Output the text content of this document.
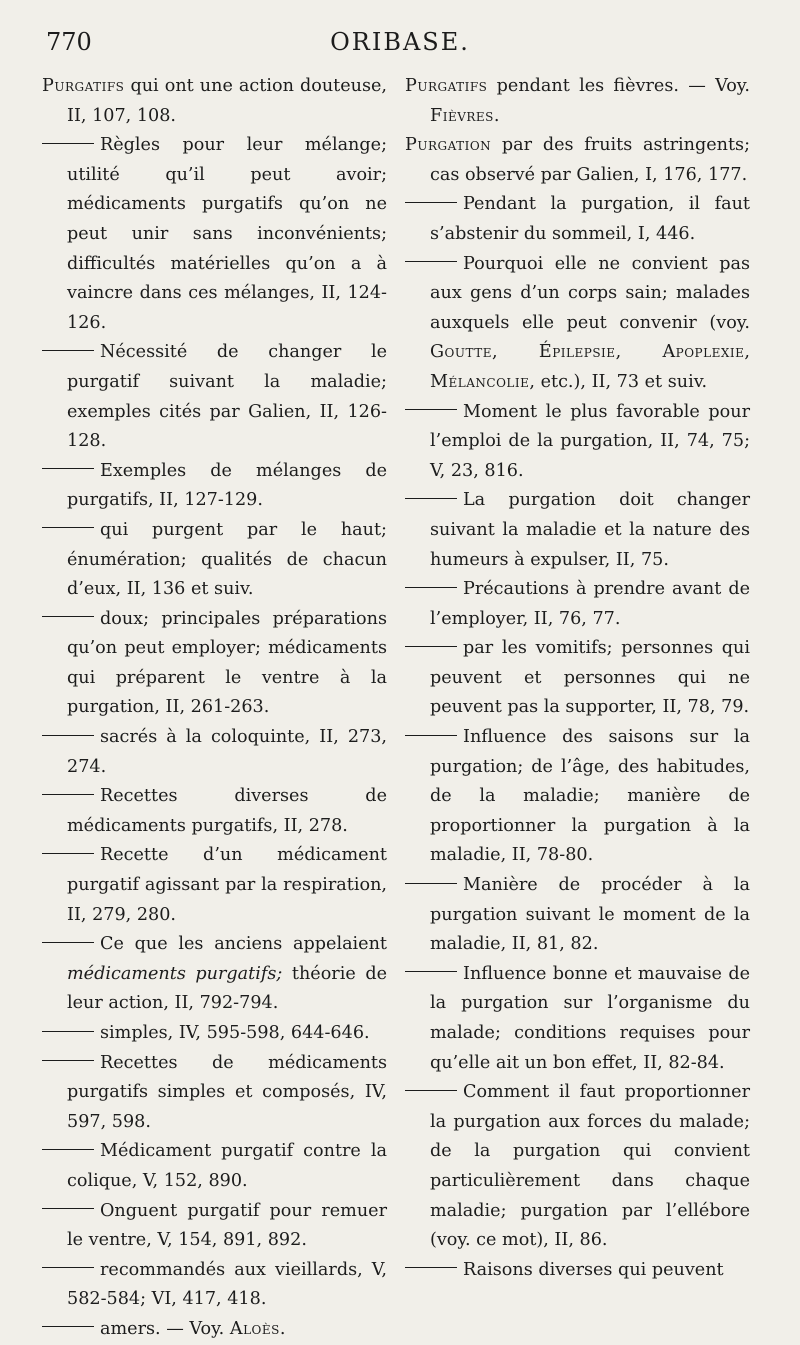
770	ORIBASE.

Purgatifs qui ont une action douteuse, II, 107, 108.

Règles pour leur mélange; utilité qu’il peut avoir; médicaments purgatifs qu’on ne peut unir sans inconvénients; difficultés matérielles qu’on a à vaincre dans ces mélanges, II, 124-126.

Nécessité de changer le purgatif suivant la maladie; exemples cités par Galien, II, 126-128.

Exemples de mélanges de purgatifs, II, 127-129.

qui purgent par le haut; énumération; qualités de chacun d’eux, II, 136 et suiv.

doux; principales préparations qu’on peut employer; médicaments qui préparent le ventre à la purgation, II, 261-263.

sacrés à la coloquinte, II, 273, 274.

Recettes diverses de médicaments purgatifs, II, 278.

Recette d’un médicament purgatif agissant par la respiration, II, 279, 280.

Ce que les anciens appelaient médicaments purgatifs; théorie de leur action, II, 792-794.

simples, IV, 595-598, 644-646.

Recettes de médicaments purgatifs simples et composés, IV, 597, 598.

Médicament purgatif contre la colique, V, 152, 890.

Onguent purgatif pour remuer le ventre, V, 154, 891, 892.

recommandés aux vieillards, V, 582-584; VI, 417, 418.

amers. — Voy. Aloès.

Purgatifs pendant les fièvres. — Voy. Fièvres.

Purgation par des fruits astringents; cas observé par Galien, I, 176, 177.

Pendant la purgation, il faut s’abstenir du sommeil, I, 446.

Pourquoi elle ne convient pas aux gens d’un corps sain; malades auxquels elle peut convenir (voy. Goutte, Épilepsie, Apoplexie, Mélancolie, etc.), II, 73 et suiv.

Moment le plus favorable pour l’emploi de la purgation, II, 74, 75; V, 23, 816.

La purgation doit changer suivant la maladie et la nature des humeurs à expulser, II, 75.

Précautions à prendre avant de l’employer, II, 76, 77.

par les vomitifs; personnes qui peuvent et personnes qui ne peuvent pas la supporter, II, 78, 79.

Influence des saisons sur la purgation; de l’âge, des habitudes, de la maladie; manière de proportionner la purgation à la maladie, II, 78-80.

Manière de procéder à la purgation suivant le moment de la maladie, II, 81, 82.

Influence bonne et mauvaise de la purgation sur l’organisme du malade; conditions requises pour qu’elle ait un bon effet, II, 82-84.

Comment il faut proportionner la purgation aux forces du malade; de la purgation qui convient particulièrement dans chaque maladie; purgation par l’ellébore (voy. ce mot), II, 86.

Raisons diverses qui peuvent
